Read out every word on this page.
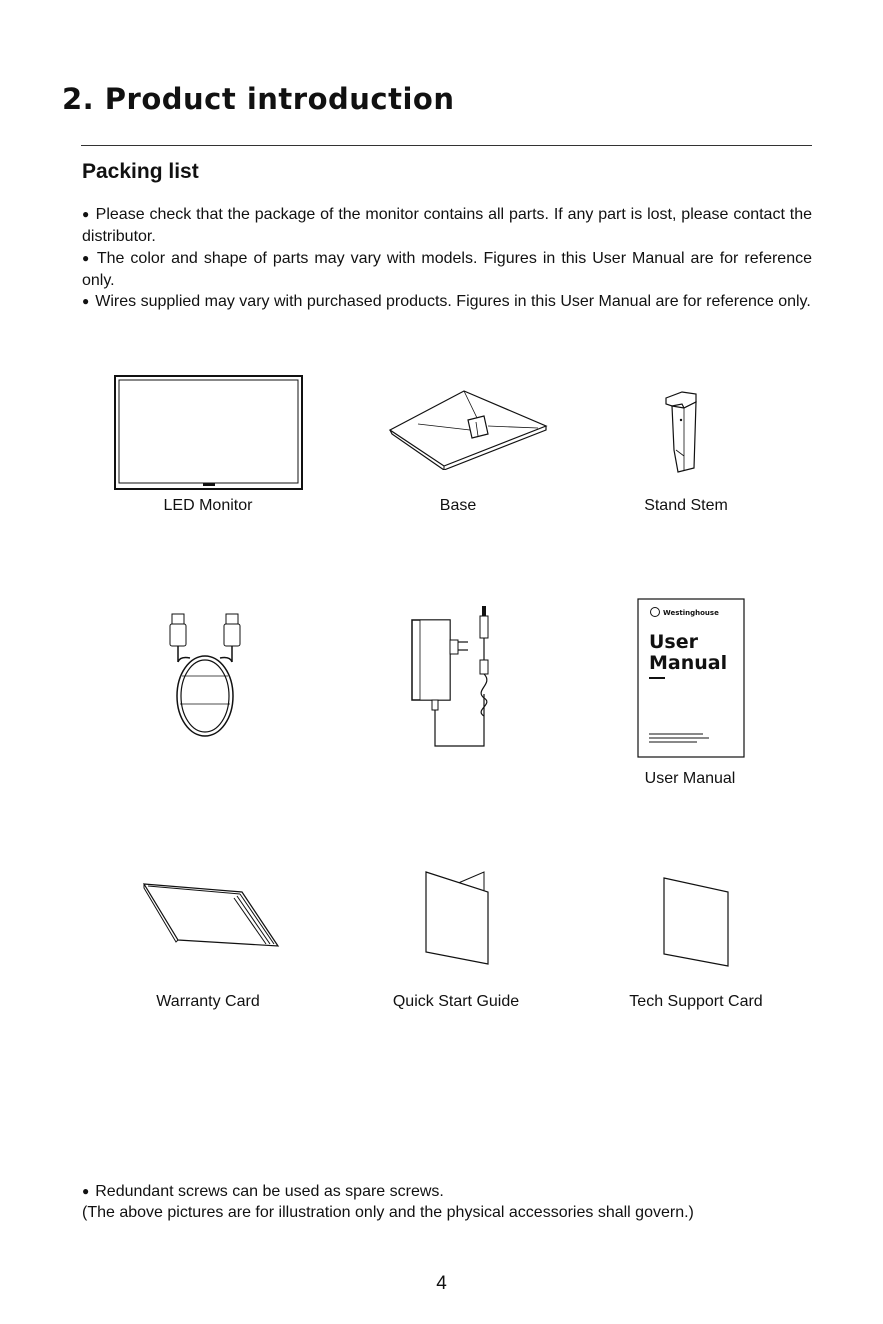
2. Product introduction
Packing list

● Please check that the package of the monitor contains all parts. If any part is lost, please contact the distributor.

● The color and shape of parts may vary with models. Figures in this User Manual are for reference only.

● Wires supplied may vary with purchased products. Figures in this User Manual are for reference only.

LED Monitor	Base	Stand Stem
Westinghouse
User
Manual
User Manual
Warranty Card	Quick Start Guide	Tech Support Card

● Redundant screws can be used as spare screws.

(The above pictures are for illustration only and the physical accessories shall govern.)

4
